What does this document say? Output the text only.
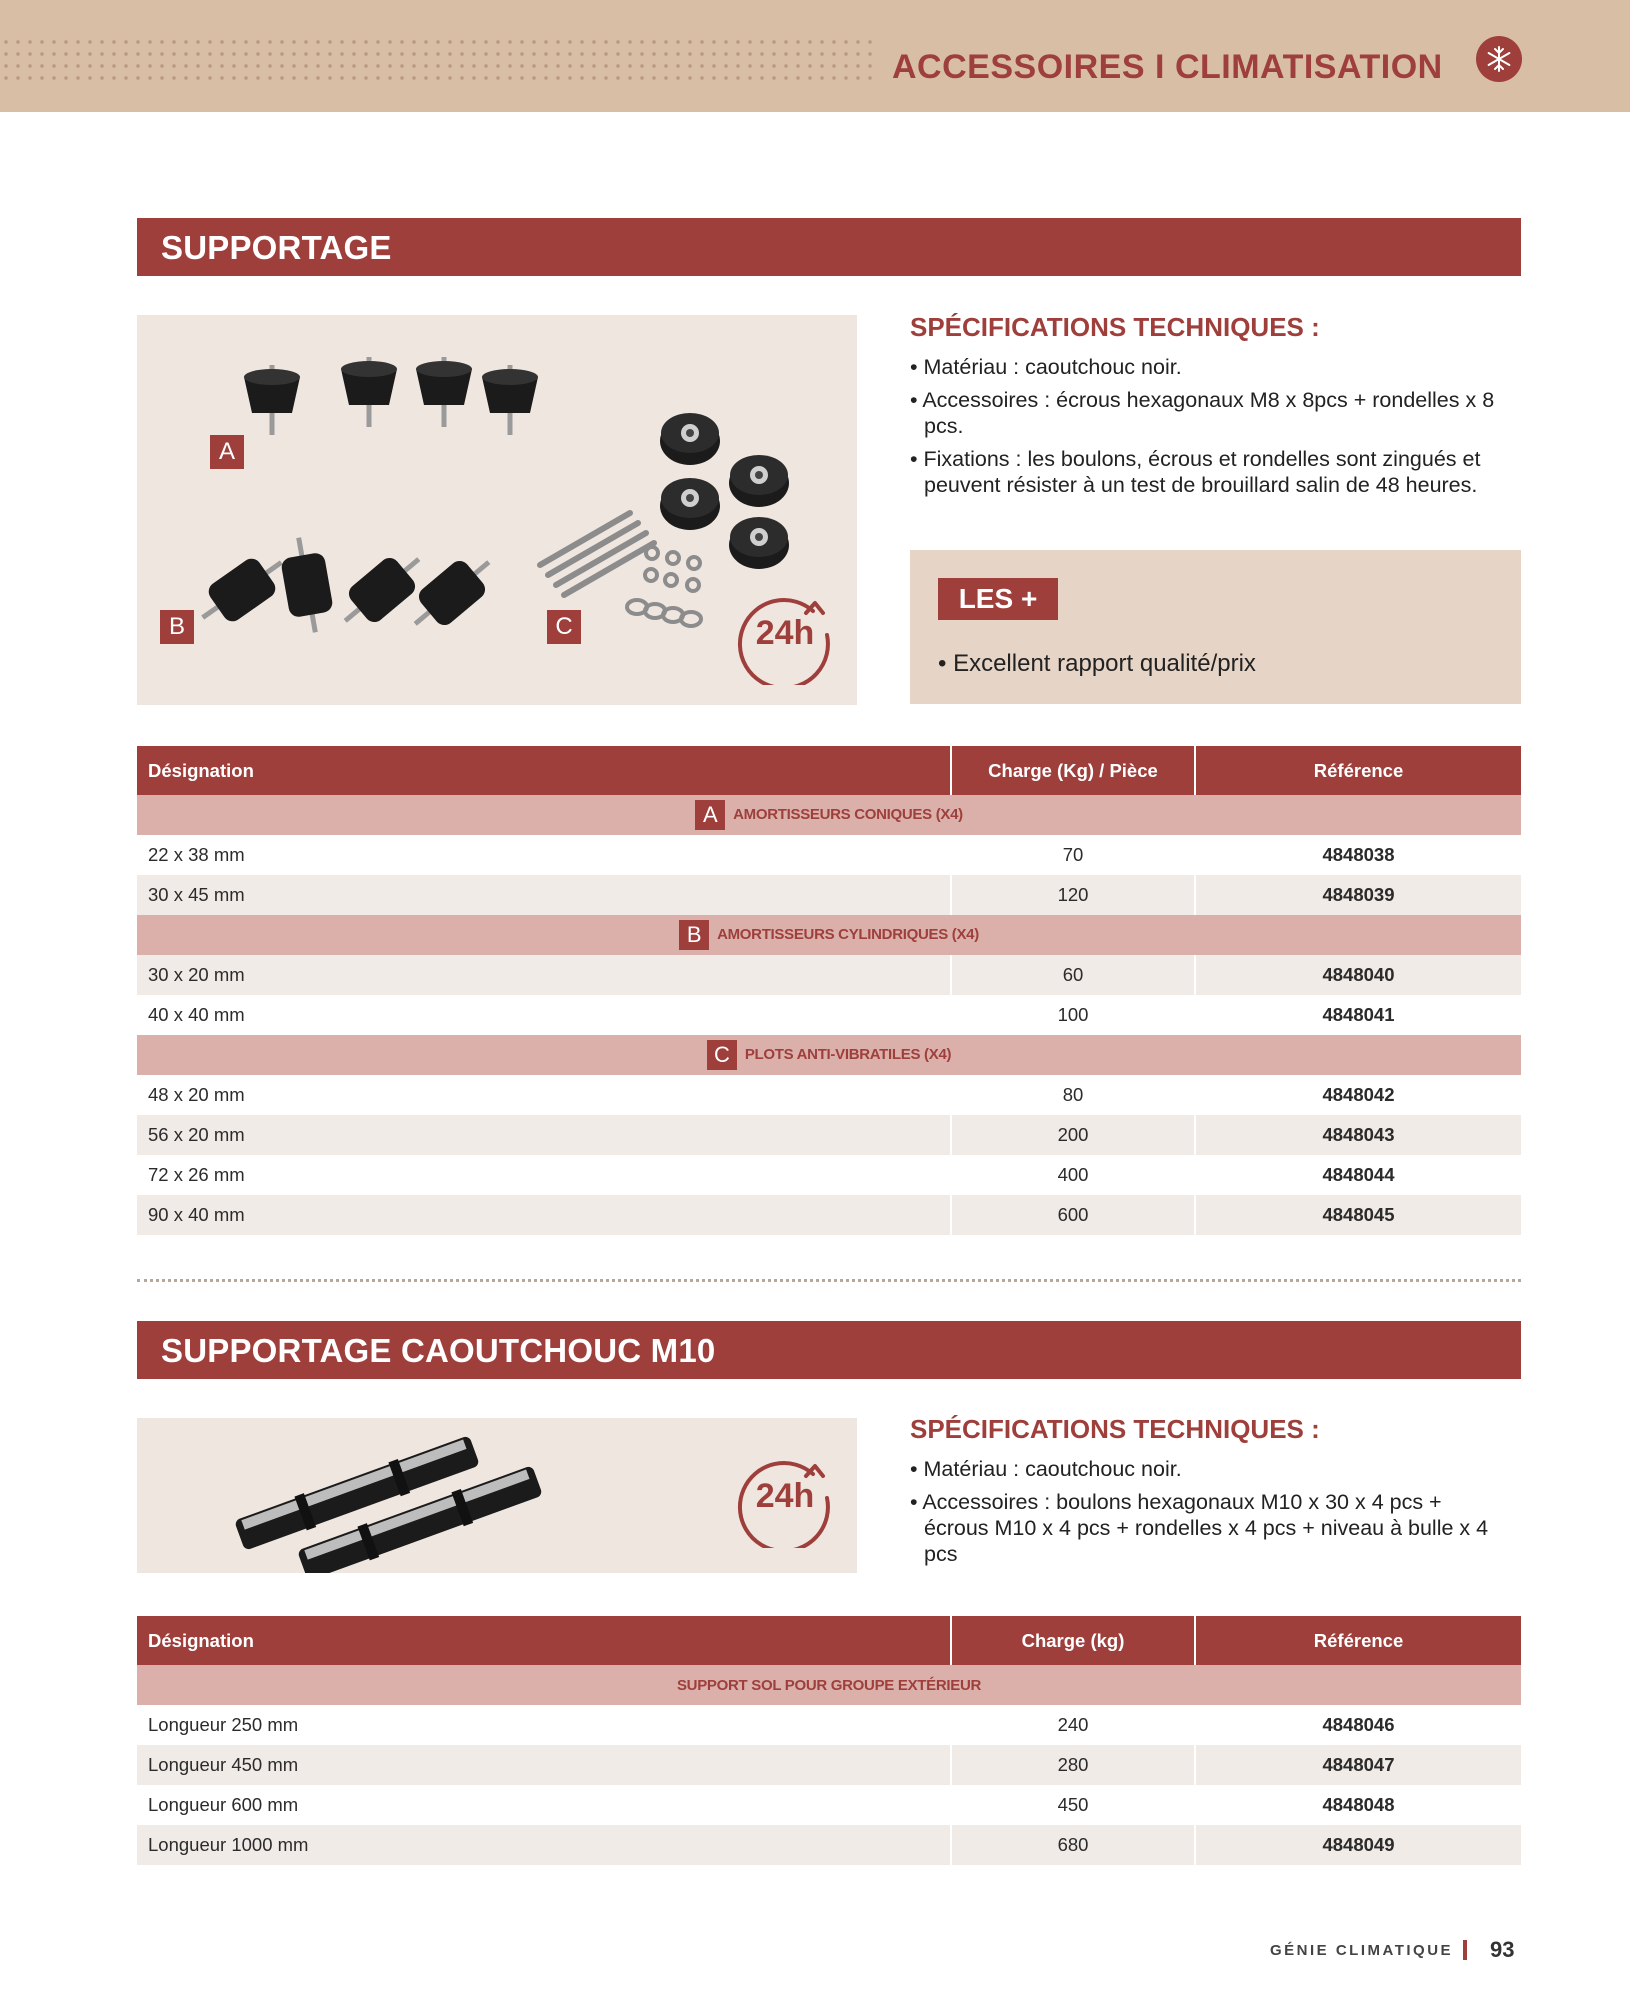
ACCESSOIRES I CLIMATISATION
SUPPORTAGE
A
B	C	24h
SPÉCIFICATIONS TECHNIQUES :
• Matériau : caoutchouc noir.
• Accessoires : écrous hexagonaux M8 x 8pcs + rondelles x 8 pcs.
• Fixations : les boulons, écrous et rondelles sont zingués et peuvent résister à un test de brouillard salin de 48 heures.
LES +
• Excellent rapport qualité/prix
Désignation	Charge (Kg) / Pièce	Référence
A AMORTISSEURS CONIQUES (X4)		
22 x 38 mm	70	4848038
30 x 45 mm	120	4848039
B AMORTISSEURS CYLINDRIQUES (X4)		
30 x 20 mm	60	4848040
40 x 40 mm	100	4848041
C PLOTS ANTI-VIBRATILES (X4)		
48 x 20 mm	80	4848042
56 x 20 mm	200	4848043
72 x 26 mm	400	4848044
90 x 40 mm	600	4848045
SUPPORTAGE CAOUTCHOUC M10
24h
SPÉCIFICATIONS TECHNIQUES :
• Matériau : caoutchouc noir.
• Accessoires : boulons hexagonaux M10 x 30 x 4 pcs + écrous M10 x 4 pcs + rondelles x 4 pcs + niveau à bulle x 4 pcs
Désignation	Charge (kg)	Référence
SUPPORT SOL POUR GROUPE EXTÉRIEUR		
Longueur 250 mm	240	4848046
Longueur 450 mm	280	4848047
Longueur 600 mm	450	4848048
Longueur 1000 mm	680	4848049
GÉNIE CLIMATIQUE 93
